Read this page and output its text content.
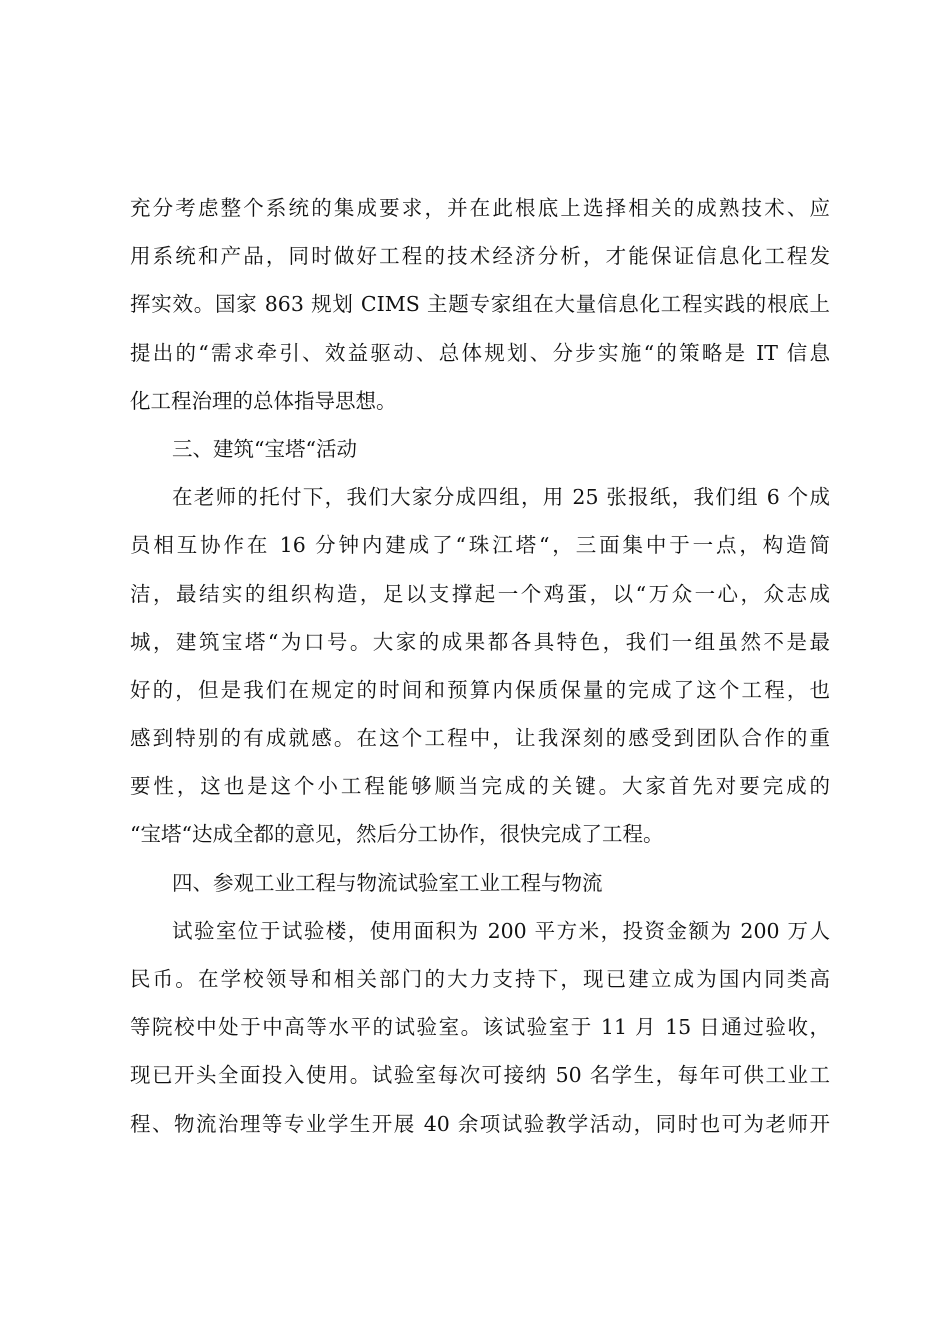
充分考虑整个系统的集成要求，并在此根底上选择相关的成熟技术、应
用系统和产品，同时做好工程的技术经济分析，才能保证信息化工程发
挥实效。国家 863 规划 CIMS 主题专家组在大量信息化工程实践的根底上
提出的“需求牵引、效益驱动、总体规划、分步实施“的策略是 IT 信息
化工程治理的总体指导思想。
三、建筑“宝塔“活动
在老师的托付下，我们大家分成四组，用 25 张报纸，我们组 6 个成
员相互协作在 16 分钟内建成了“珠江塔“，三面集中于一点，构造简
洁，最结实的组织构造，足以支撑起一个鸡蛋，以“万众一心，众志成
城，建筑宝塔“为口号。大家的成果都各具特色，我们一组虽然不是最
好的，但是我们在规定的时间和预算内保质保量的完成了这个工程，也
感到特别的有成就感。在这个工程中，让我深刻的感受到团队合作的重
要性，这也是这个小工程能够顺当完成的关键。大家首先对要完成的
“宝塔“达成全都的意见，然后分工协作，很快完成了工程。
四、参观工业工程与物流试验室工业工程与物流
试验室位于试验楼，使用面积为 200 平方米，投资金额为 200 万人
民币。在学校领导和相关部门的大力支持下，现已建立成为国内同类高
等院校中处于中高等水平的试验室。该试验室于 11 月 15 日通过验收，
现已开头全面投入使用。试验室每次可接纳 50 名学生，每年可供工业工
程、物流治理等专业学生开展 40 余项试验教学活动，同时也可为老师开
